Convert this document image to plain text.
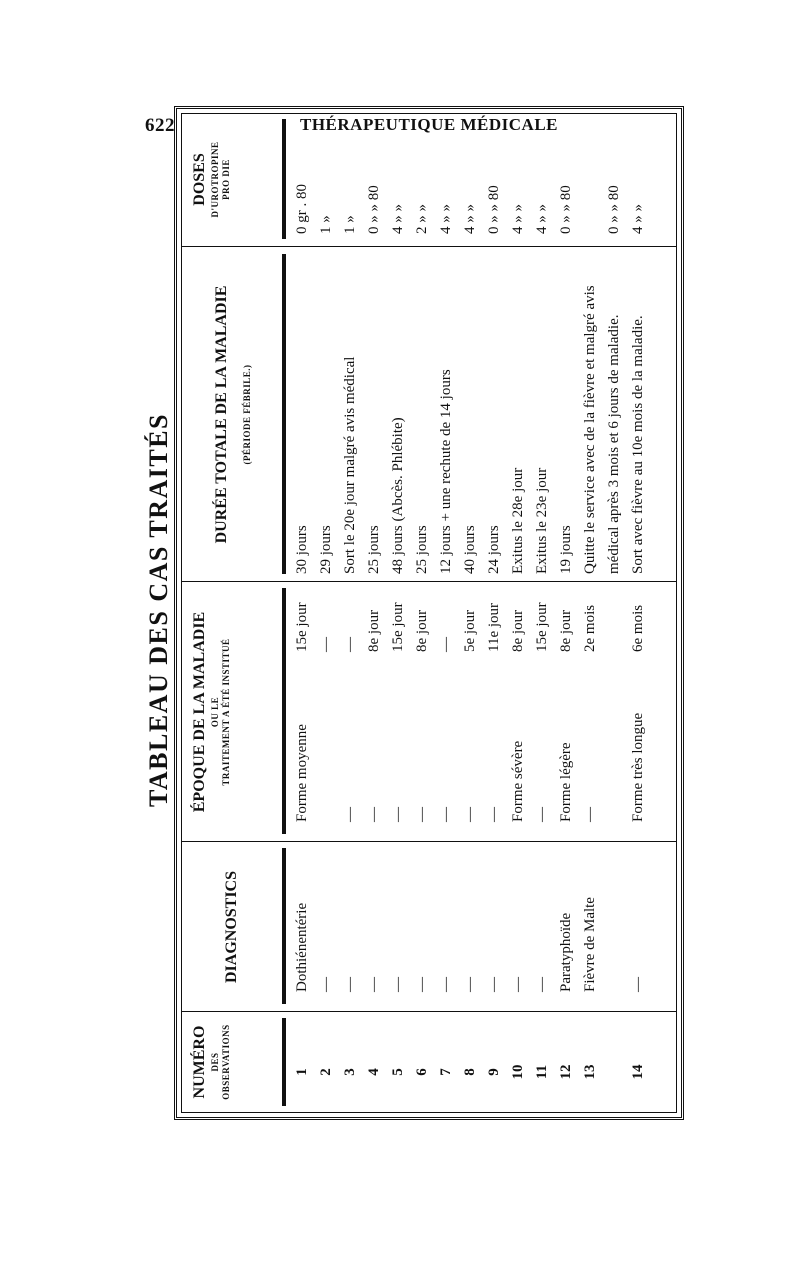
622	THÉRAPEUTIQUE MÉDICALE
TABLEAU DES CAS TRAITÉS
NUMÉRO DES OBSERVATIONS
DIAGNOSTICS
ÉPOQUE DE LA MALADIE OU LE TRAITEMENT A ÉTÉ INSTITUÉ
DURÉE TOTALE DE LA MALADIE (PÉRIODE FÉBRILE.)
DOSES D'UROTROPINE PRO DIE
1
Dothiénentérie
Forme moyenne
15e jour
30 jours
0 gr . 80
2
—
—
29 jours
1 »
3
—
—
—
Sort le 20e jour malgré avis médical
1 »
4
—
—
8e jour
25 jours
0 » » 80
5
—
—
15e jour
48 jours (Abcès. Phlébite)
4 » »
6
—
—
8e jour
25 jours
2 » »
7
—
—
—
12 jours + une rechute de 14 jours
4 » »
8
—
—
5e jour
40 jours
4 » »
9
—
—
11e jour
24 jours
0 » » 80
10
—
Forme sévère
8e jour
Exitus le 28e jour
4 » »
11
—
—
15e jour
Exitus le 23e jour
4 » »
12
Paratyphoïde
Forme légère
8e jour
19 jours
0 » » 80
13
Fièvre de Malte
—
2e mois
Quitte le service avec de la fièvre et malgré avis médical après 3 mois et 6 jours de maladie.
0 » » 80
14
—
Forme très longue
6e mois
Sort avec fièvre au 10e mois de la maladie.
4 » »
